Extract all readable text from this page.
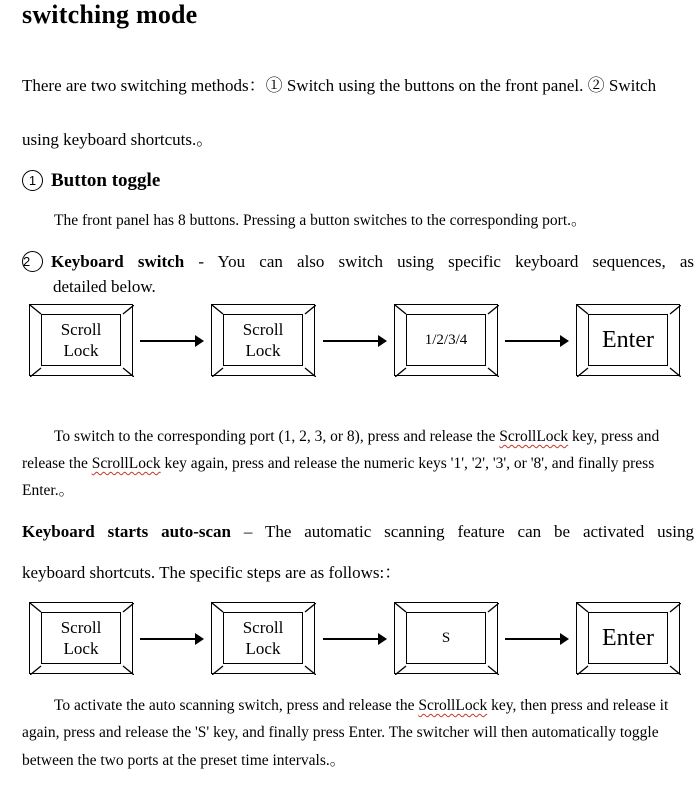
switching mode
There are two switching methods：① Switch using the buttons on the front panel. ② Switch
using keyboard shortcuts.。
1 Button toggle
The front panel has 8 buttons. Pressing a button switches to the corresponding port.。
2 Keyboard switch - You can also switch using specific keyboard sequences, as
detailed below.
Scroll
Lock
Scroll
Lock
1/2/3/4	Enter
To switch to the corresponding port (1, 2, 3, or 8), press and release the ScrollLock key, press and
release the ScrollLock key again, press and release the numeric keys '1', '2', '3', or '8', and finally press
Enter.。
Keyboard starts auto-scan – The automatic scanning feature can be activated using
keyboard shortcuts. The specific steps are as follows:：
Scroll
Lock
Scroll
Lock
S	Enter
To activate the auto scanning switch, press and release the ScrollLock key, then press and release it
again, press and release the 'S' key, and finally press Enter. The switcher will then automatically toggle
between the two ports at the preset time intervals.。
